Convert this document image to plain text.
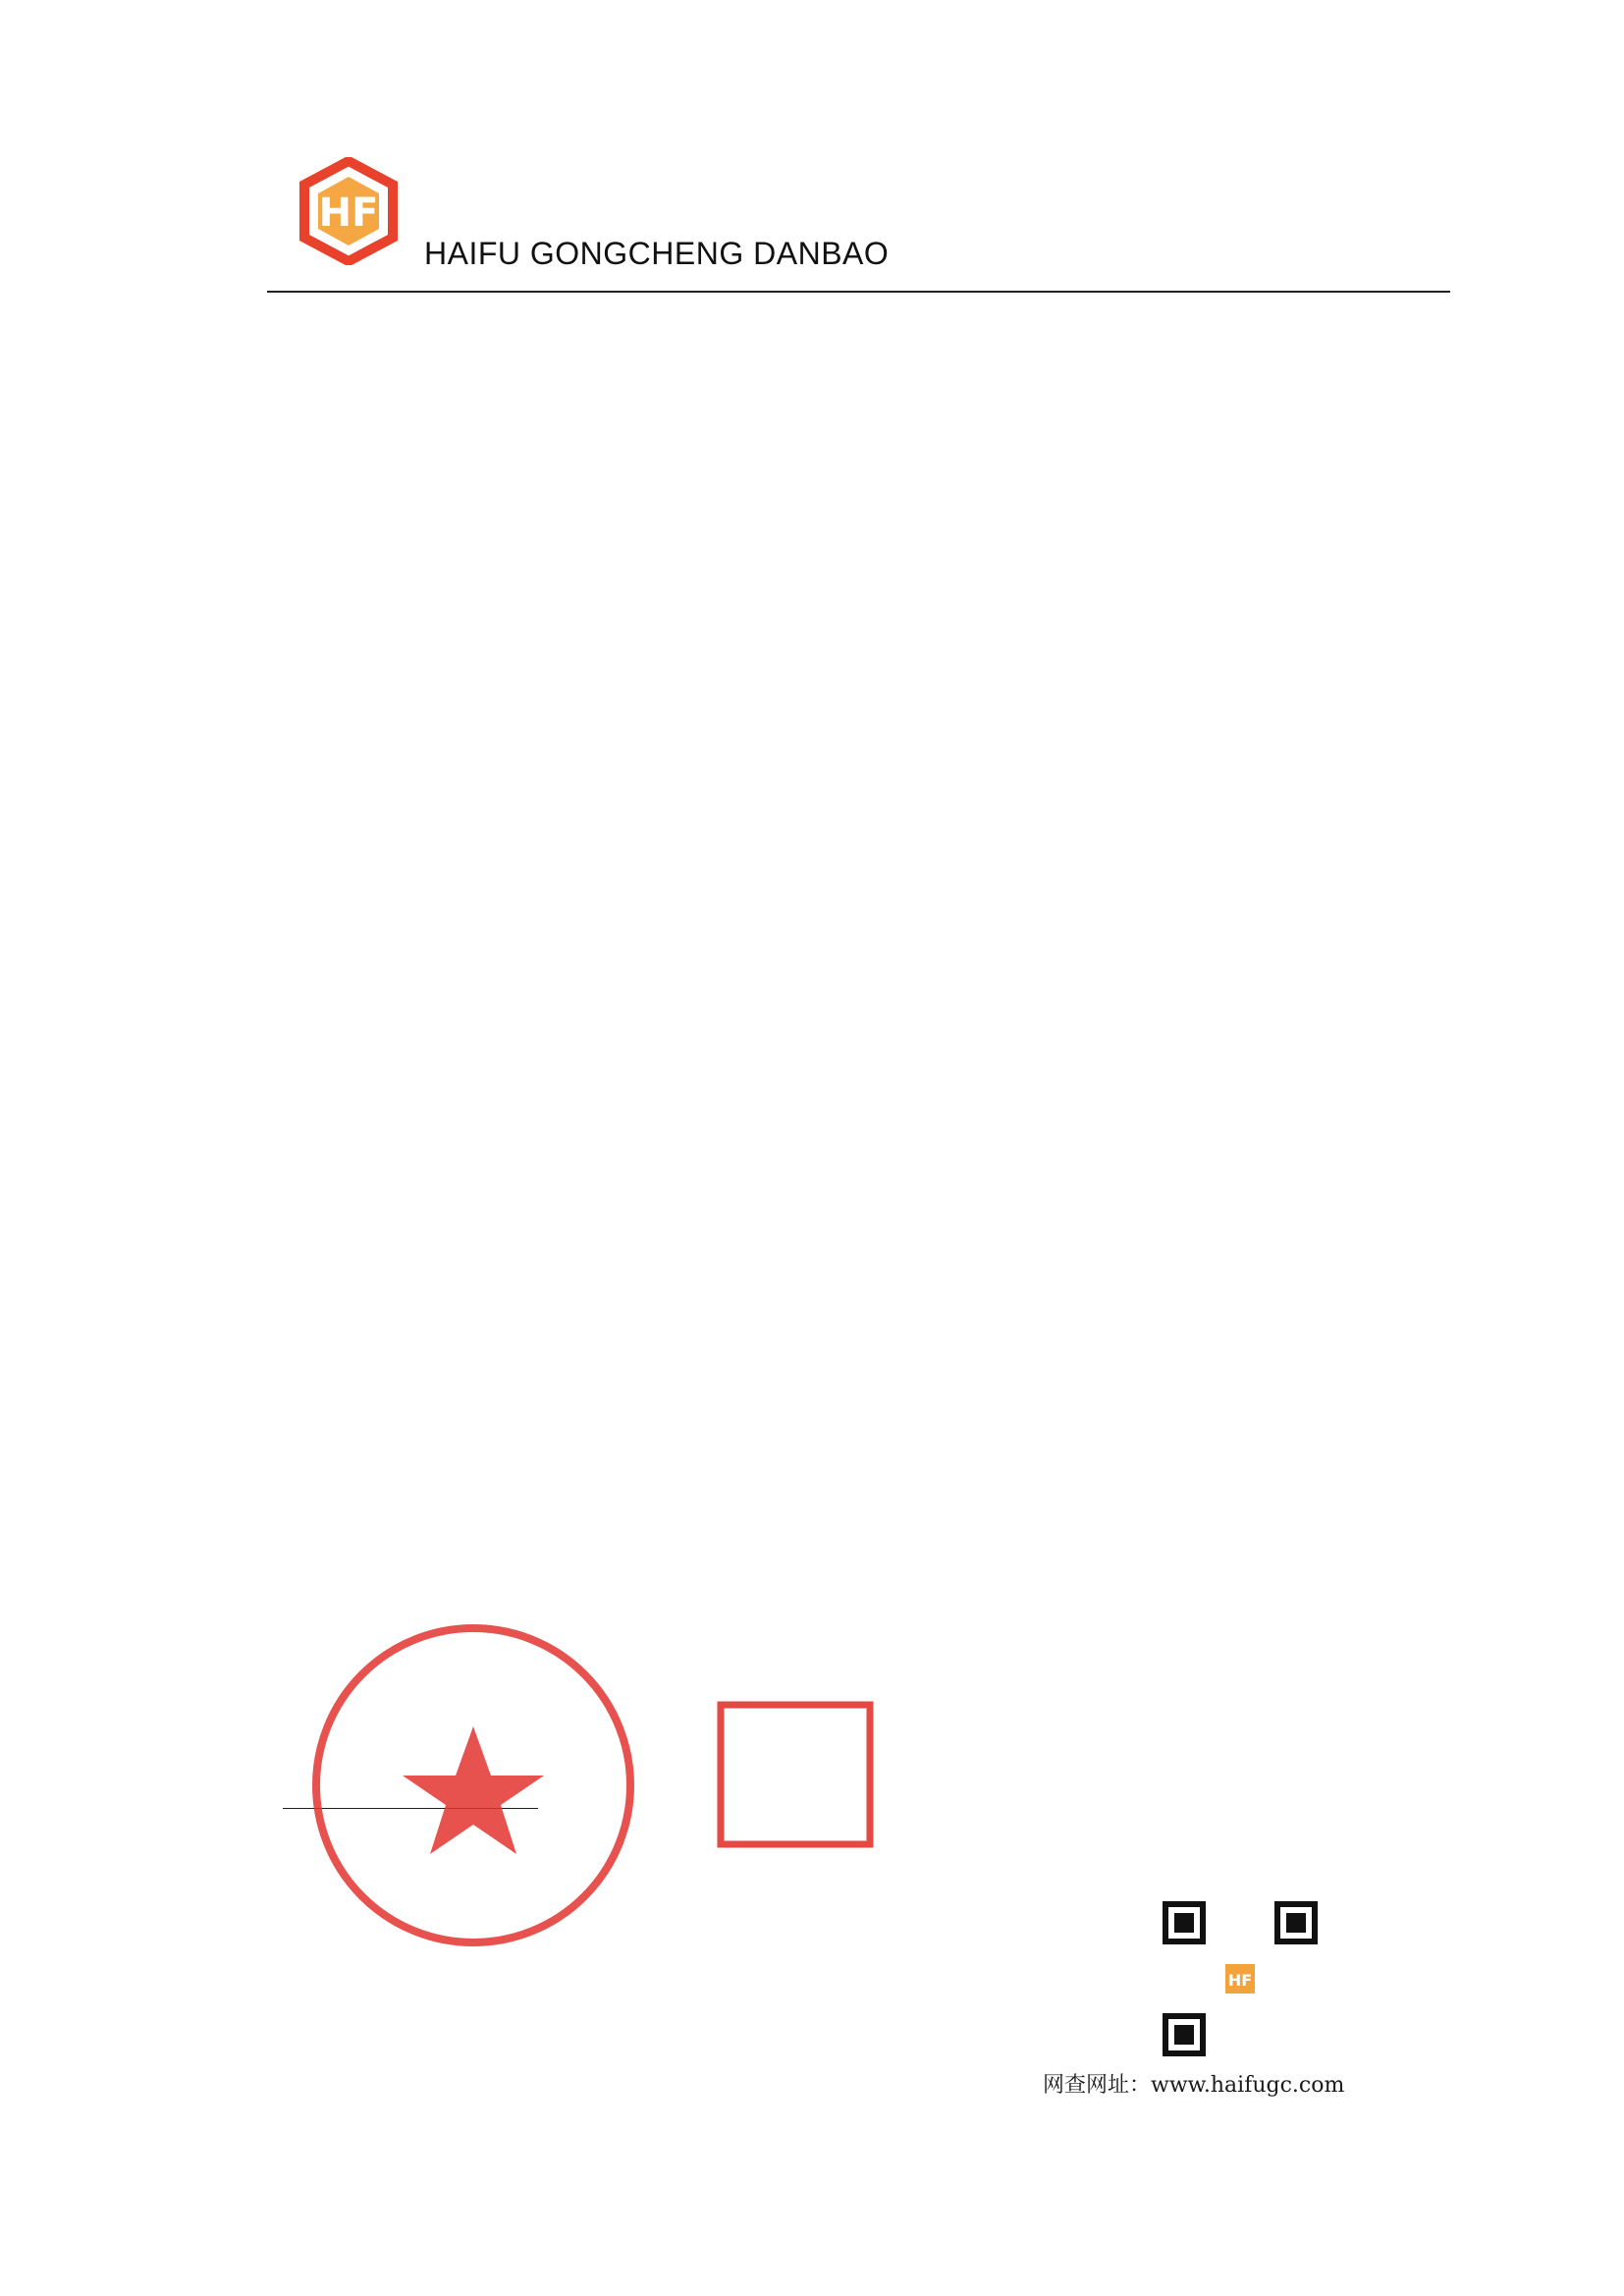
HF
HAIFU GONGCHENG DANBAO

HF
网查网址：www.haifugc.com
